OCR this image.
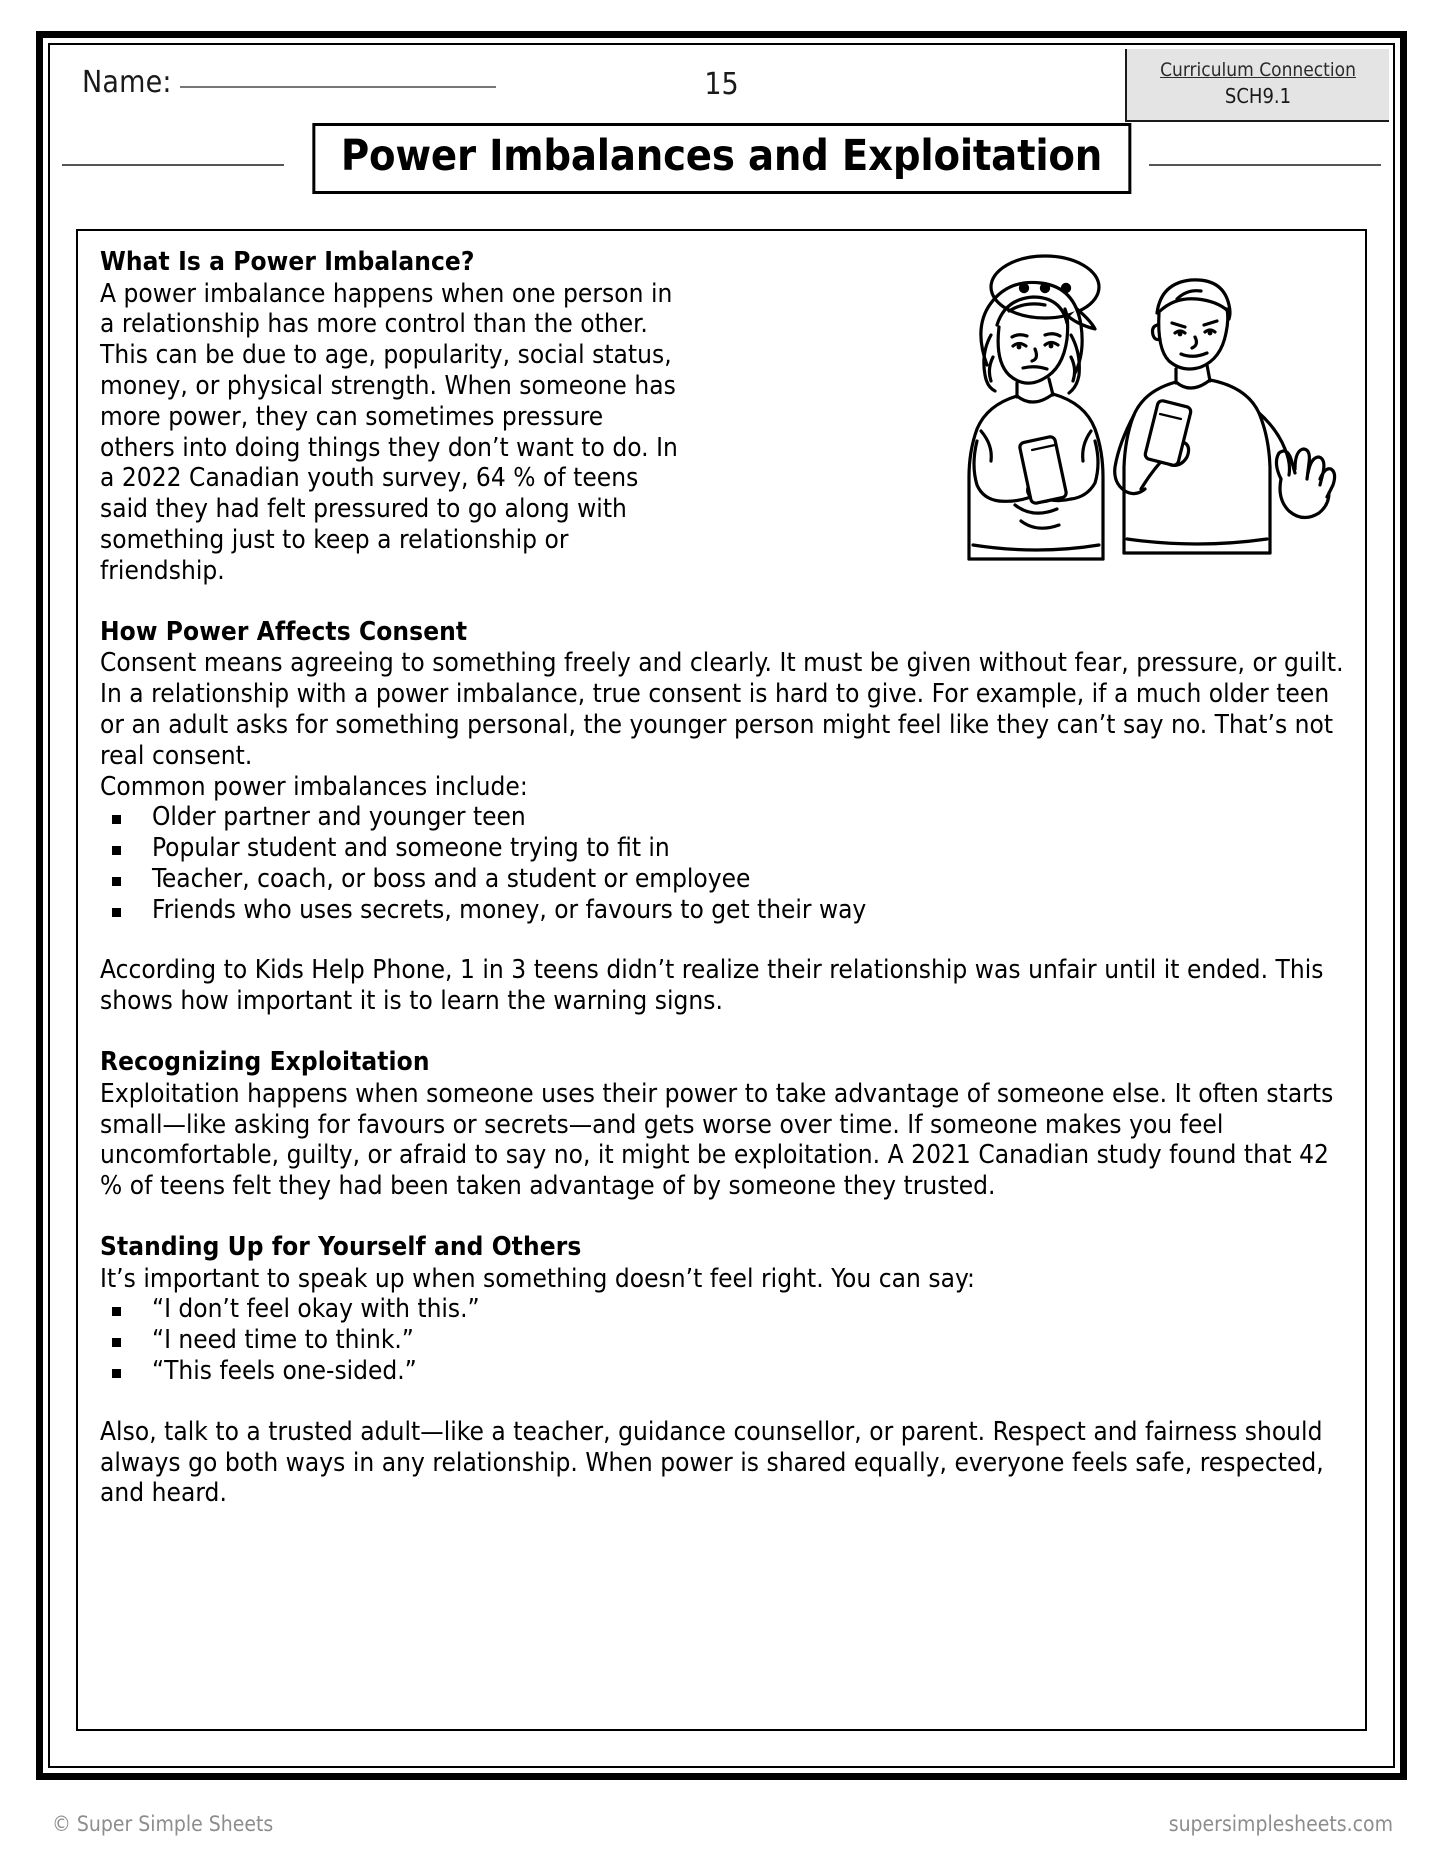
Name:	15	Curriculum Connection
SCH9.1
Power Imbalances and Exploitation
What Is a Power Imbalance?

A power imbalance happens when one person in a relationship has more control than the other. This can be due to age, popularity, social status, money, or physical strength. When someone has more power, they can sometimes pressure others into doing things they don’t want to do. In a 2022 Canadian youth survey, 64 % of teens said they had felt pressured to go along with something just to keep a relationship or friendship.

How Power Affects Consent

Consent means agreeing to something freely and clearly. It must be given without fear, pressure, or guilt. In a relationship with a power imbalance, true consent is hard to give. For example, if a much older teen or an adult asks for something personal, the younger person might feel like they can’t say no. That’s not real consent.

Common power imbalances include:

Older partner and younger teen
Popular student and someone trying to fit in
Teacher, coach, or boss and a student or employee
Friends who uses secrets, money, or favours to get their way

According to Kids Help Phone, 1 in 3 teens didn’t realize their relationship was unfair until it ended. This shows how important it is to learn the warning signs.

Recognizing Exploitation

Exploitation happens when someone uses their power to take advantage of someone else. It often starts small—like asking for favours or secrets—and gets worse over time. If someone makes you feel uncomfortable, guilty, or afraid to say no, it might be exploitation. A 2021 Canadian study found that 42 % of teens felt they had been taken advantage of by someone they trusted.

Standing Up for Yourself and Others

It’s important to speak up when something doesn’t feel right. You can say:

“I don’t feel okay with this.”
“I need time to think.”
“This feels one-sided.”

Also, talk to a trusted adult—like a teacher, guidance counsellor, or parent. Respect and fairness should always go both ways in any relationship. When power is shared equally, everyone feels safe, respected, and heard.

© Super Simple Sheets	supersimplesheets.com
